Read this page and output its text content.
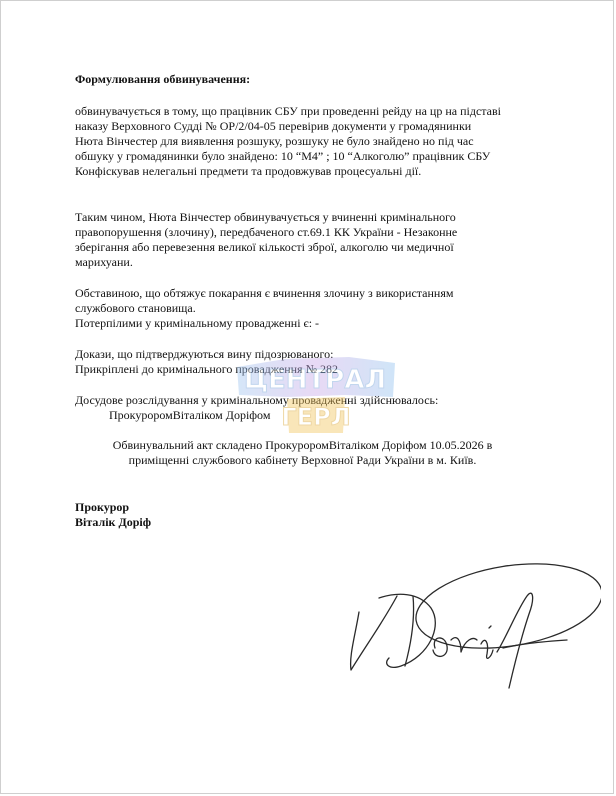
Формулювання обвинувачення:

обвинувачується в тому, що працівник СБУ при проведенні рейду на цр на підставі
наказу Верховного Судді № OP/2/04-05 перевірив документи у громадянинки
Нюта Вінчестер для виявлення розшуку, розшуку не було знайдено но під час
обшуку у громадянинки було знайдено: 10 “M4” ; 10 “Алкоголю” працівник СБУ
Конфіскував нелегальні предмети та продовжував процесуальні дії.
Таким чином, Нюта Вінчестер обвинувачується у вчиненні кримінального
правопорушення (злочину), передбаченого ст.69.1 КК України - Незаконне
зберігання або перевезення великої кількості зброї, алкоголю чи медичної
марихуани.
Обставиною, що обтяжує покарання є вчинення злочину з використанням
службового становища.
Потерпілими у кримінальному провадженні є: -
Докази, що підтверджуються вину підозрюваного:
Прикріплені до кримінального провадження № 282
Досудове розслідування у кримінальному провадженні здійснювалось:
ПрокуроромВіталіком Доріфом
Обвинувальний акт складено ПрокуроромВіталіком Доріфом 10.05.2026 в
приміщенні службового кабінету Верховної Ради України в м. Київ.
Прокурор
Віталік Доріф
ЦЕНТРАЛ
ГЕРЛ
